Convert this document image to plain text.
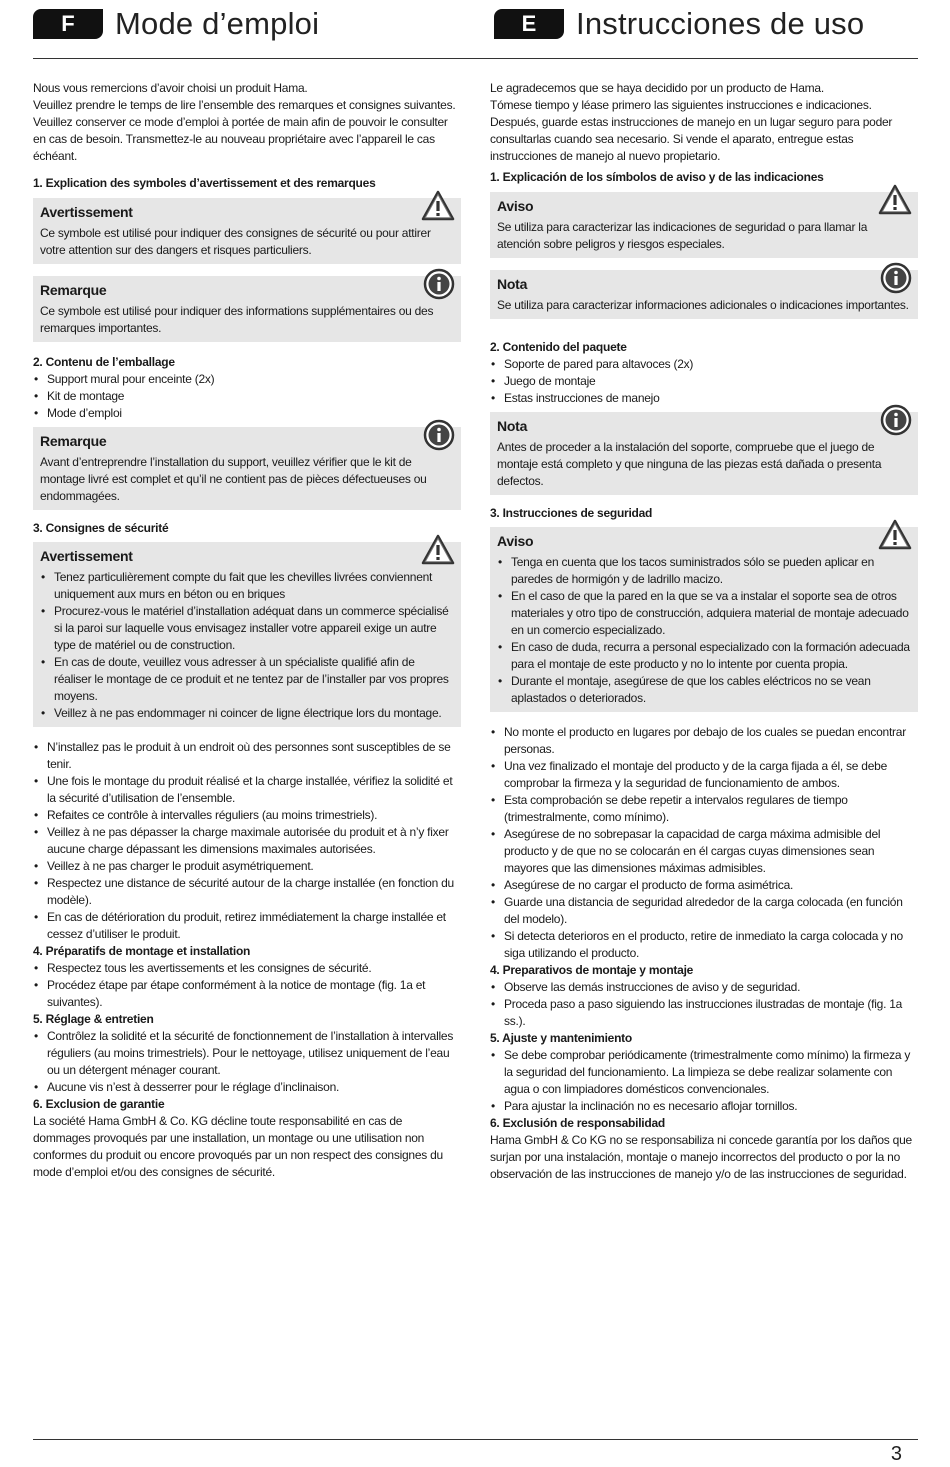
F	Mode d’emploi	E	Instrucciones de uso

Nous vous remercions d’avoir choisi un produit Hama.
Veuillez prendre le temps de lire l’ensemble des remarques et consignes suivantes. Veuillez conserver ce mode d’emploi à portée de main afin de pouvoir le consulter en cas de besoin. Transmettez-le au nouveau propriétaire avec l’appareil le cas échéant.

1. Explication des symboles d’avertissement et des remarques

Avertissement

Ce symbole est utilisé pour indiquer des consignes de sécurité ou pour attirer votre attention sur des dangers et risques particuliers.

Remarque

Ce symbole est utilisé pour indiquer des informations supplémentaires ou des remarques importantes.

2. Contenu de l’emballage

• Support mural pour enceinte (2x)
• Kit de montage
• Mode d’emploi
Remarque

Avant d’entreprendre l’installation du support, veuillez vérifier que le kit de montage livré est complet et qu’il ne contient pas de pièces défectueuses ou endommagées.

3. Consignes de sécurité

Avertissement
• Tenez particulièrement compte du fait que les chevilles livrées conviennent uniquement aux murs en béton ou en briques
• Procurez-vous le matériel d’installation adéquat dans un commerce spécialisé si la paroi sur laquelle vous envisagez installer votre appareil exige un autre type de matériel ou de construction.
• En cas de doute, veuillez vous adresser à un spécialiste qualifié afin de réaliser le montage de ce produit et ne tentez par de l’installer par vos propres moyens.
• Veillez à ne pas endommager ni coincer de ligne électrique lors du montage.
• N’installez pas le produit à un endroit où des personnes sont susceptibles de se tenir.
• Une fois le montage du produit réalisé et la charge installée, vérifiez la solidité et la sécurité d’utilisation de l’ensemble.
• Refaites ce contrôle à intervalles réguliers (au moins trimestriels).
• Veillez à ne pas dépasser la charge maximale autorisée du produit et à n’y fixer aucune charge dépassant les dimensions maximales autorisées.
• Veillez à ne pas charger le produit asymétriquement.
• Respectez une distance de sécurité autour de la charge installée (en fonction du modèle).
• En cas de détérioration du produit, retirez immédiatement la charge installée et cessez d’utiliser le produit.

4. Préparatifs de montage et installation

• Respectez tous les avertissements et les consignes de sécurité.
• Procédez étape par étape conformément à la notice de montage (fig. 1a et suivantes).

5. Réglage & entretien

• Contrôlez la solidité et la sécurité de fonctionnement de l’installation à intervalles réguliers (au moins trimestriels). Pour le nettoyage, utilisez uniquement de l’eau ou un détergent ménager courant.
• Aucune vis n’est à desserrer pour le réglage d’inclinaison.

6. Exclusion de garantie

La société Hama GmbH & Co. KG décline toute responsabilité en cas de dommages provoqués par une installation, un montage ou une utilisation non conformes du produit ou encore provoqués par un non respect des consignes du mode d’emploi et/ou des consignes de sécurité.

Le agradecemos que se haya decidido por un producto de Hama.
Tómese tiempo y léase primero las siguientes instrucciones e indicaciones. Después, guarde estas instrucciones de manejo en un lugar seguro para poder consultarlas cuando sea necesario. Si vende el aparato, entregue estas instrucciones de manejo al nuevo propietario.

1. Explicación de los símbolos de aviso y de las indicaciones

Aviso

Se utiliza para caracterizar las indicaciones de seguridad o para llamar la atención sobre peligros y riesgos especiales.

Nota

Se utiliza para caracterizar informaciones adicionales o indicaciones importantes.

2. Contenido del paquete

• Soporte de pared para altavoces (2x)
• Juego de montaje
• Estas instrucciones de manejo
Nota

Antes de proceder a la instalación del soporte, compruebe que el juego de montaje está completo y que ninguna de las piezas está dañada o presenta defectos.

3. Instrucciones de seguridad

Aviso
• Tenga en cuenta que los tacos suministrados sólo se pueden aplicar en paredes de hormigón y de ladrillo macizo.
• En el caso de que la pared en la que se va a instalar el soporte sea de otros materiales y otro tipo de construcción, adquiera material de montaje adecuado en un comercio especializado.
• En caso de duda, recurra a personal especializado con la formación adecuada para el montaje de este producto y no lo intente por cuenta propia.
• Durante el montaje, asegúrese de que los cables eléctricos no se vean aplastados o deteriorados.
• No monte el producto en lugares por debajo de los cuales se puedan encontrar personas.
• Una vez finalizado el montaje del producto y de la carga fijada a él, se debe comprobar la firmeza y la seguridad de funcionamiento de ambos.
• Esta comprobación se debe repetir a intervalos regulares de tiempo (trimestralmente, como mínimo).
• Asegúrese de no sobrepasar la capacidad de carga máxima admisible del producto y de que no se colocarán en él cargas cuyas dimensiones sean mayores que las dimensiones máximas admisibles.
• Asegúrese de no cargar el producto de forma asimétrica.
• Guarde una distancia de seguridad alrededor de la carga colocada (en función del modelo).
• Si detecta deterioros en el producto, retire de inmediato la carga colocada y no siga utilizando el producto.

4. Preparativos de montaje y montaje

• Observe las demás instrucciones de aviso y de seguridad.
• Proceda paso a paso siguiendo las instrucciones ilustradas de montaje (fig. 1a ss.).

5. Ajuste y mantenimiento

• Se debe comprobar periódicamente (trimestralmente como mínimo) la firmeza y la seguridad del funcionamiento. La limpieza se debe realizar solamente con agua o con limpiadores domésticos convencionales.
• Para ajustar la inclinación no es necesario aflojar tornillos.

6. Exclusión de responsabilidad

Hama GmbH & Co KG no se responsabiliza ni concede garantía por los daños que surjan por una instalación, montaje o manejo incorrectos del producto o por la no observación de las instrucciones de manejo y/o de las instrucciones de seguridad.

3
